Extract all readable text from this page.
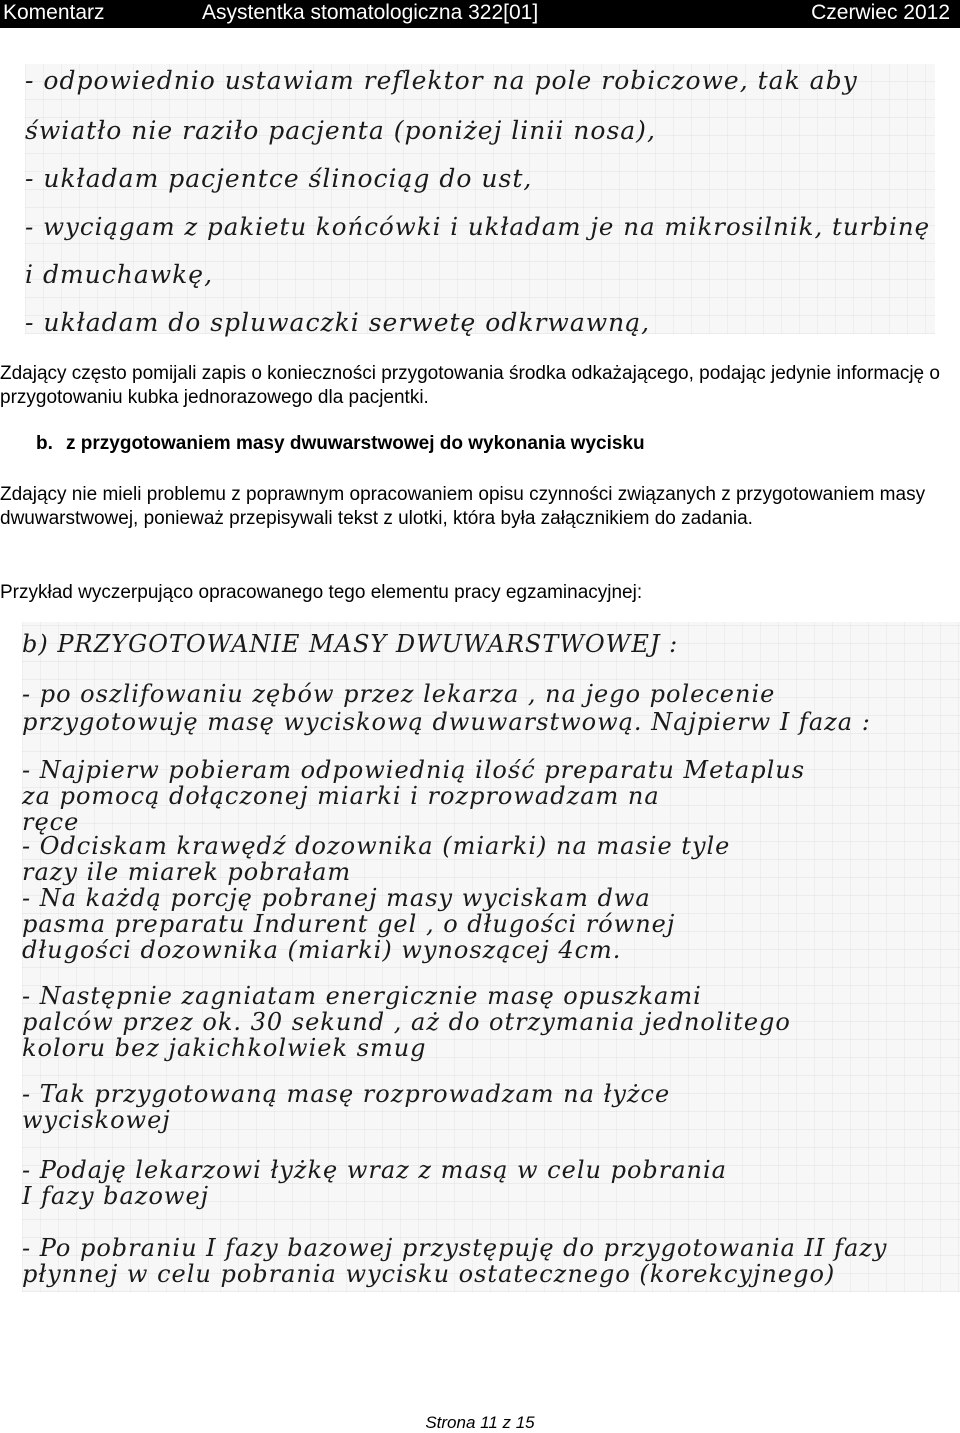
Komentarz	Asystentka stomatologiczna 322[01]	Czerwiec 2012
- odpowiednio ustawiam reflektor na pole robiczowe, tak aby
światło nie raziło pacjenta (poniżej linii nosa),
- układam pacjentce ślinociąg do ust,
- wyciągam z pakietu końcówki i układam je na mikrosilnik, turbinę
i dmuchawkę,
- układam do spluwaczki serwetę odkrwawną,

Zdający często pomijali zapis o konieczności przygotowania środka odkażającego, podając jedynie informację o przygotowaniu kubka jednorazowego dla pacjentki.

b. z przygotowaniem masy dwuwarstwowej do wykonania wycisku

Zdający nie mieli problemu z poprawnym opracowaniem opisu czynności związanych z przygotowaniem masy dwuwarstwowej, ponieważ przepisywali tekst z ulotki, która była załącznikiem do zadania.

Przykład wyczerpująco opracowanego tego elementu pracy egzaminacyjnej:

b) PRZYGOTOWANIE MASY DWUWARSTWOWEJ :
- po oszlifowaniu zębów przez lekarza , na jego polecenie
przygotowuję masę wyciskową dwuwarstwową. Najpierw I faza :
- Najpierw pobieram odpowiednią ilość preparatu Metaplus
za pomocą dołączonej miarki i rozprowadzam na
ręce
- Odciskam krawędź dozownika (miarki) na masie tyle
razy ile miarek pobrałam
- Na każdą porcję pobranej masy wyciskam dwa
pasma preparatu Indurent gel , o długości równej
długości dozownika (miarki) wynoszącej 4cm.
- Następnie zagniatam energicznie masę opuszkami
palców przez ok. 30 sekund , aż do otrzymania jednolitego
koloru bez jakichkolwiek smug
- Tak przygotowaną masę rozprowadzam na łyżce
wyciskowej
- Podaję lekarzowi łyżkę wraz z masą w celu pobrania
I fazy bazowej
- Po pobraniu I fazy bazowej przystępuję do przygotowania II fazy
płynnej w celu pobrania wycisku ostatecznego (korekcyjnego)
Strona 11 z 15
